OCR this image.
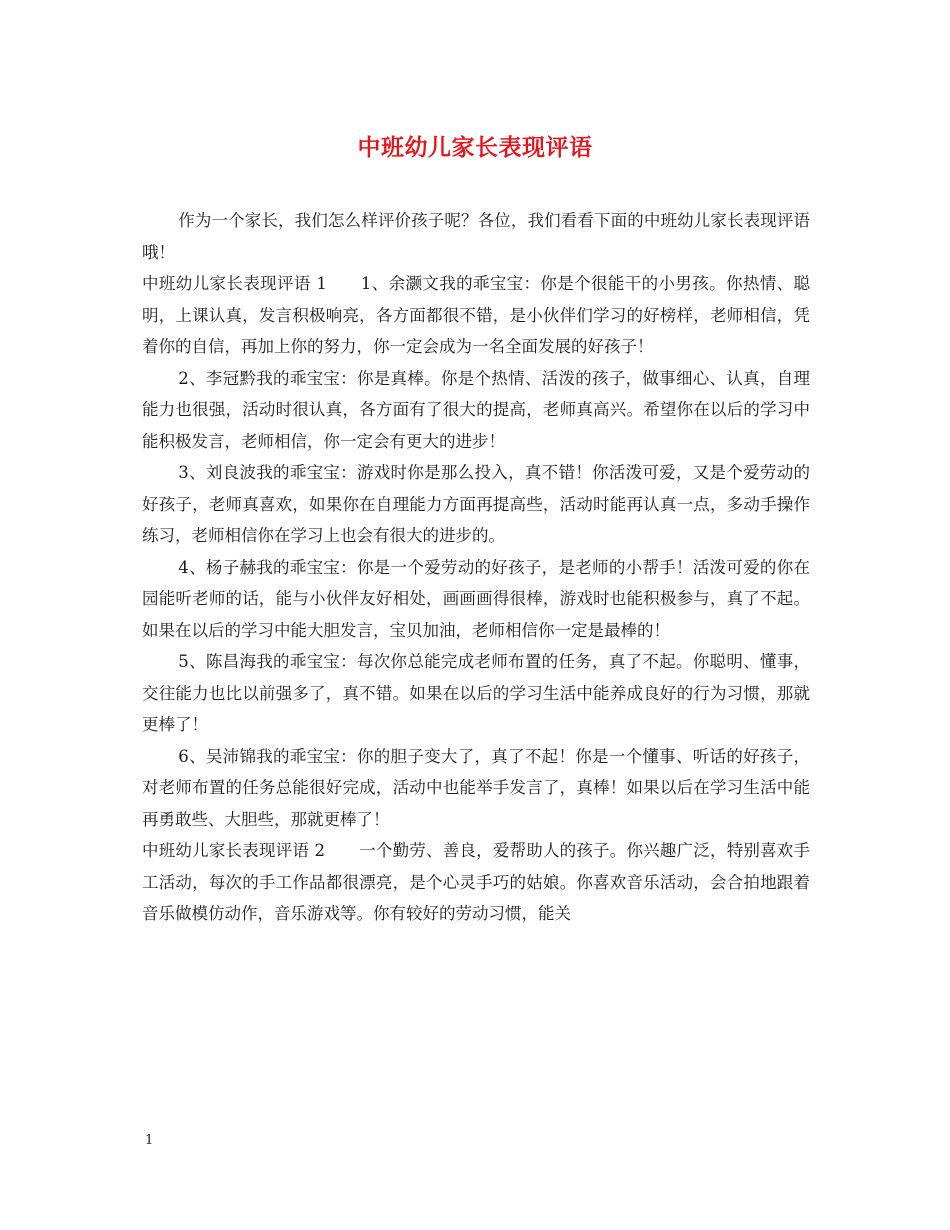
中班幼儿家长表现评语

作为一个家长，我们怎么样评价孩子呢？各位，我们看看下面的中班幼儿家长表现评语哦！

中班幼儿家长表现评语 1 1、余灏文我的乖宝宝：你是个很能干的小男孩。你热情、聪明，上课认真，发言积极响亮，各方面都很不错，是小伙伴们学习的好榜样，老师相信，凭着你的自信，再加上你的努力，你一定会成为一名全面发展的好孩子！

2、李冠黔我的乖宝宝：你是真棒。你是个热情、活泼的孩子，做事细心、认真，自理能力也很强，活动时很认真，各方面有了很大的提高，老师真高兴。希望你在以后的学习中能积极发言，老师相信，你一定会有更大的进步！

3、刘良波我的乖宝宝：游戏时你是那么投入，真不错！你活泼可爱，又是个爱劳动的好孩子，老师真喜欢，如果你在自理能力方面再提高些，活动时能再认真一点，多动手操作练习，老师相信你在学习上也会有很大的进步的。

4、杨子赫我的乖宝宝：你是一个爱劳动的好孩子，是老师的小帮手！活泼可爱的你在园能听老师的话，能与小伙伴友好相处，画画画得很棒，游戏时也能积极参与，真了不起。如果在以后的学习中能大胆发言，宝贝加油，老师相信你一定是最棒的！

5、陈昌海我的乖宝宝：每次你总能完成老师布置的任务，真了不起。你聪明、懂事，交往能力也比以前强多了，真不错。如果在以后的学习生活中能养成良好的行为习惯，那就更棒了！

6、吴沛锦我的乖宝宝：你的胆子变大了，真了不起！你是一个懂事、听话的好孩子，对老师布置的任务总能很好完成，活动中也能举手发言了，真棒！如果以后在学习生活中能再勇敢些、大胆些，那就更棒了！

中班幼儿家长表现评语 2 一个勤劳、善良，爱帮助人的孩子。你兴趣广泛，特别喜欢手工活动，每次的手工作品都很漂亮，是个心灵手巧的姑娘。你喜欢音乐活动，会合拍地跟着音乐做模仿动作，音乐游戏等。你有较好的劳动习惯，能关

1
